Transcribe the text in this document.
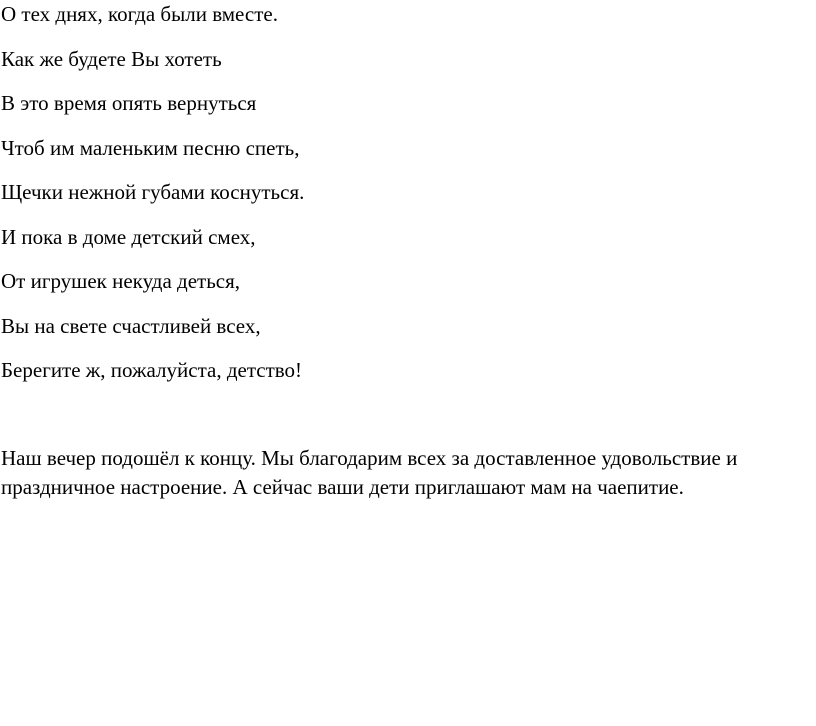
О тех днях, когда были вместе.
Как же будете Вы хотеть
В это время опять вернуться
Чтоб им маленьким песню спеть,
Щечки нежной губами коснуться.
И пока в доме детский смех,
От игрушек некуда деться,
Вы на свете счастливей всех,
Берегите ж, пожалуйста, детство!

Наш вечер подошёл к концу. Мы благодарим всех за доставленное удовольствие и праздничное настроение. А сейчас ваши дети приглашают мам на чаепитие.
